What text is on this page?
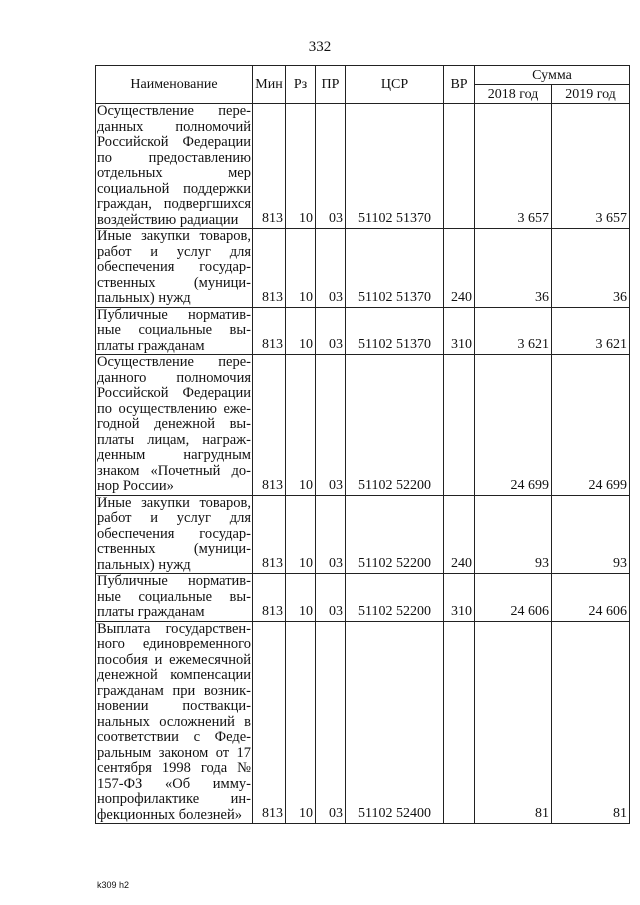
332
Наименование	Мин	Рз	ПР	ЦСР	ВР	Сумма	
						2018 год	2019 год
Осуществление переданных полномочий Российской Федерации по предоставлению отдельных мер социальной поддержки граждан, подвергшихся воздействию радиации	813	10	03	51102 51370		3 657	3 657
Иные закупки товаров, работ и услуг для обеспечения государственных (муниципальных) нужд	813	10	03	51102 51370	240	36	36
Публичные нормативные социальные выплаты гражданам	813	10	03	51102 51370	310	3 621	3 621
Осуществление переданного полномочия Российской Федерации по осуществлению ежегодной денежной выплаты лицам, награжденным нагрудным знаком «Почетный донор России»	813	10	03	51102 52200		24 699	24 699
Иные закупки товаров, работ и услуг для обеспечения государственных (муниципальных) нужд	813	10	03	51102 52200	240	93	93
Публичные нормативные социальные выплаты гражданам	813	10	03	51102 52200	310	24 606	24 606
Выплата государственного единовременного пособия и ежемесячной денежной компенсации гражданам при возникновении поствакцинальных осложнений в соответствии с Федеральным законом от 17 сентября 1998 года № 157-ФЗ «Об иммунопрофилактике инфекционных болезней»	813	10	03	51102 52400		81	81
k309 h2
